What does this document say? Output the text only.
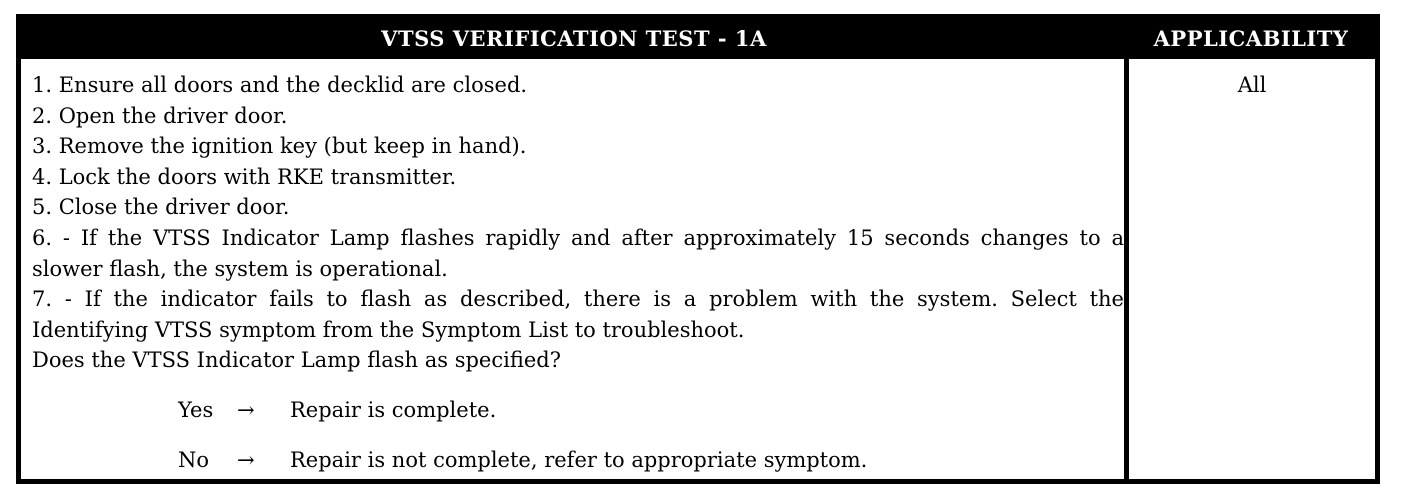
VTSS VERIFICATION TEST - 1A	APPLICABILITY
1. Ensure all doors and the decklid are closed.
2. Open the driver door.
3. Remove the ignition key (but keep in hand).
4. Lock the doors with RKE transmitter.
5. Close the driver door.
6. - If the VTSS Indicator Lamp flashes rapidly and after approximately 15 seconds changes to a slower flash, the system is operational.
7. - If the indicator fails to flash as described, there is a problem with the system. Select the Identifying VTSS symptom from the Symptom List to troubleshoot.
Does the VTSS Indicator Lamp flash as specified?
All
Yes → Repair is complete.
No → Repair is not complete, refer to appropriate symptom.
